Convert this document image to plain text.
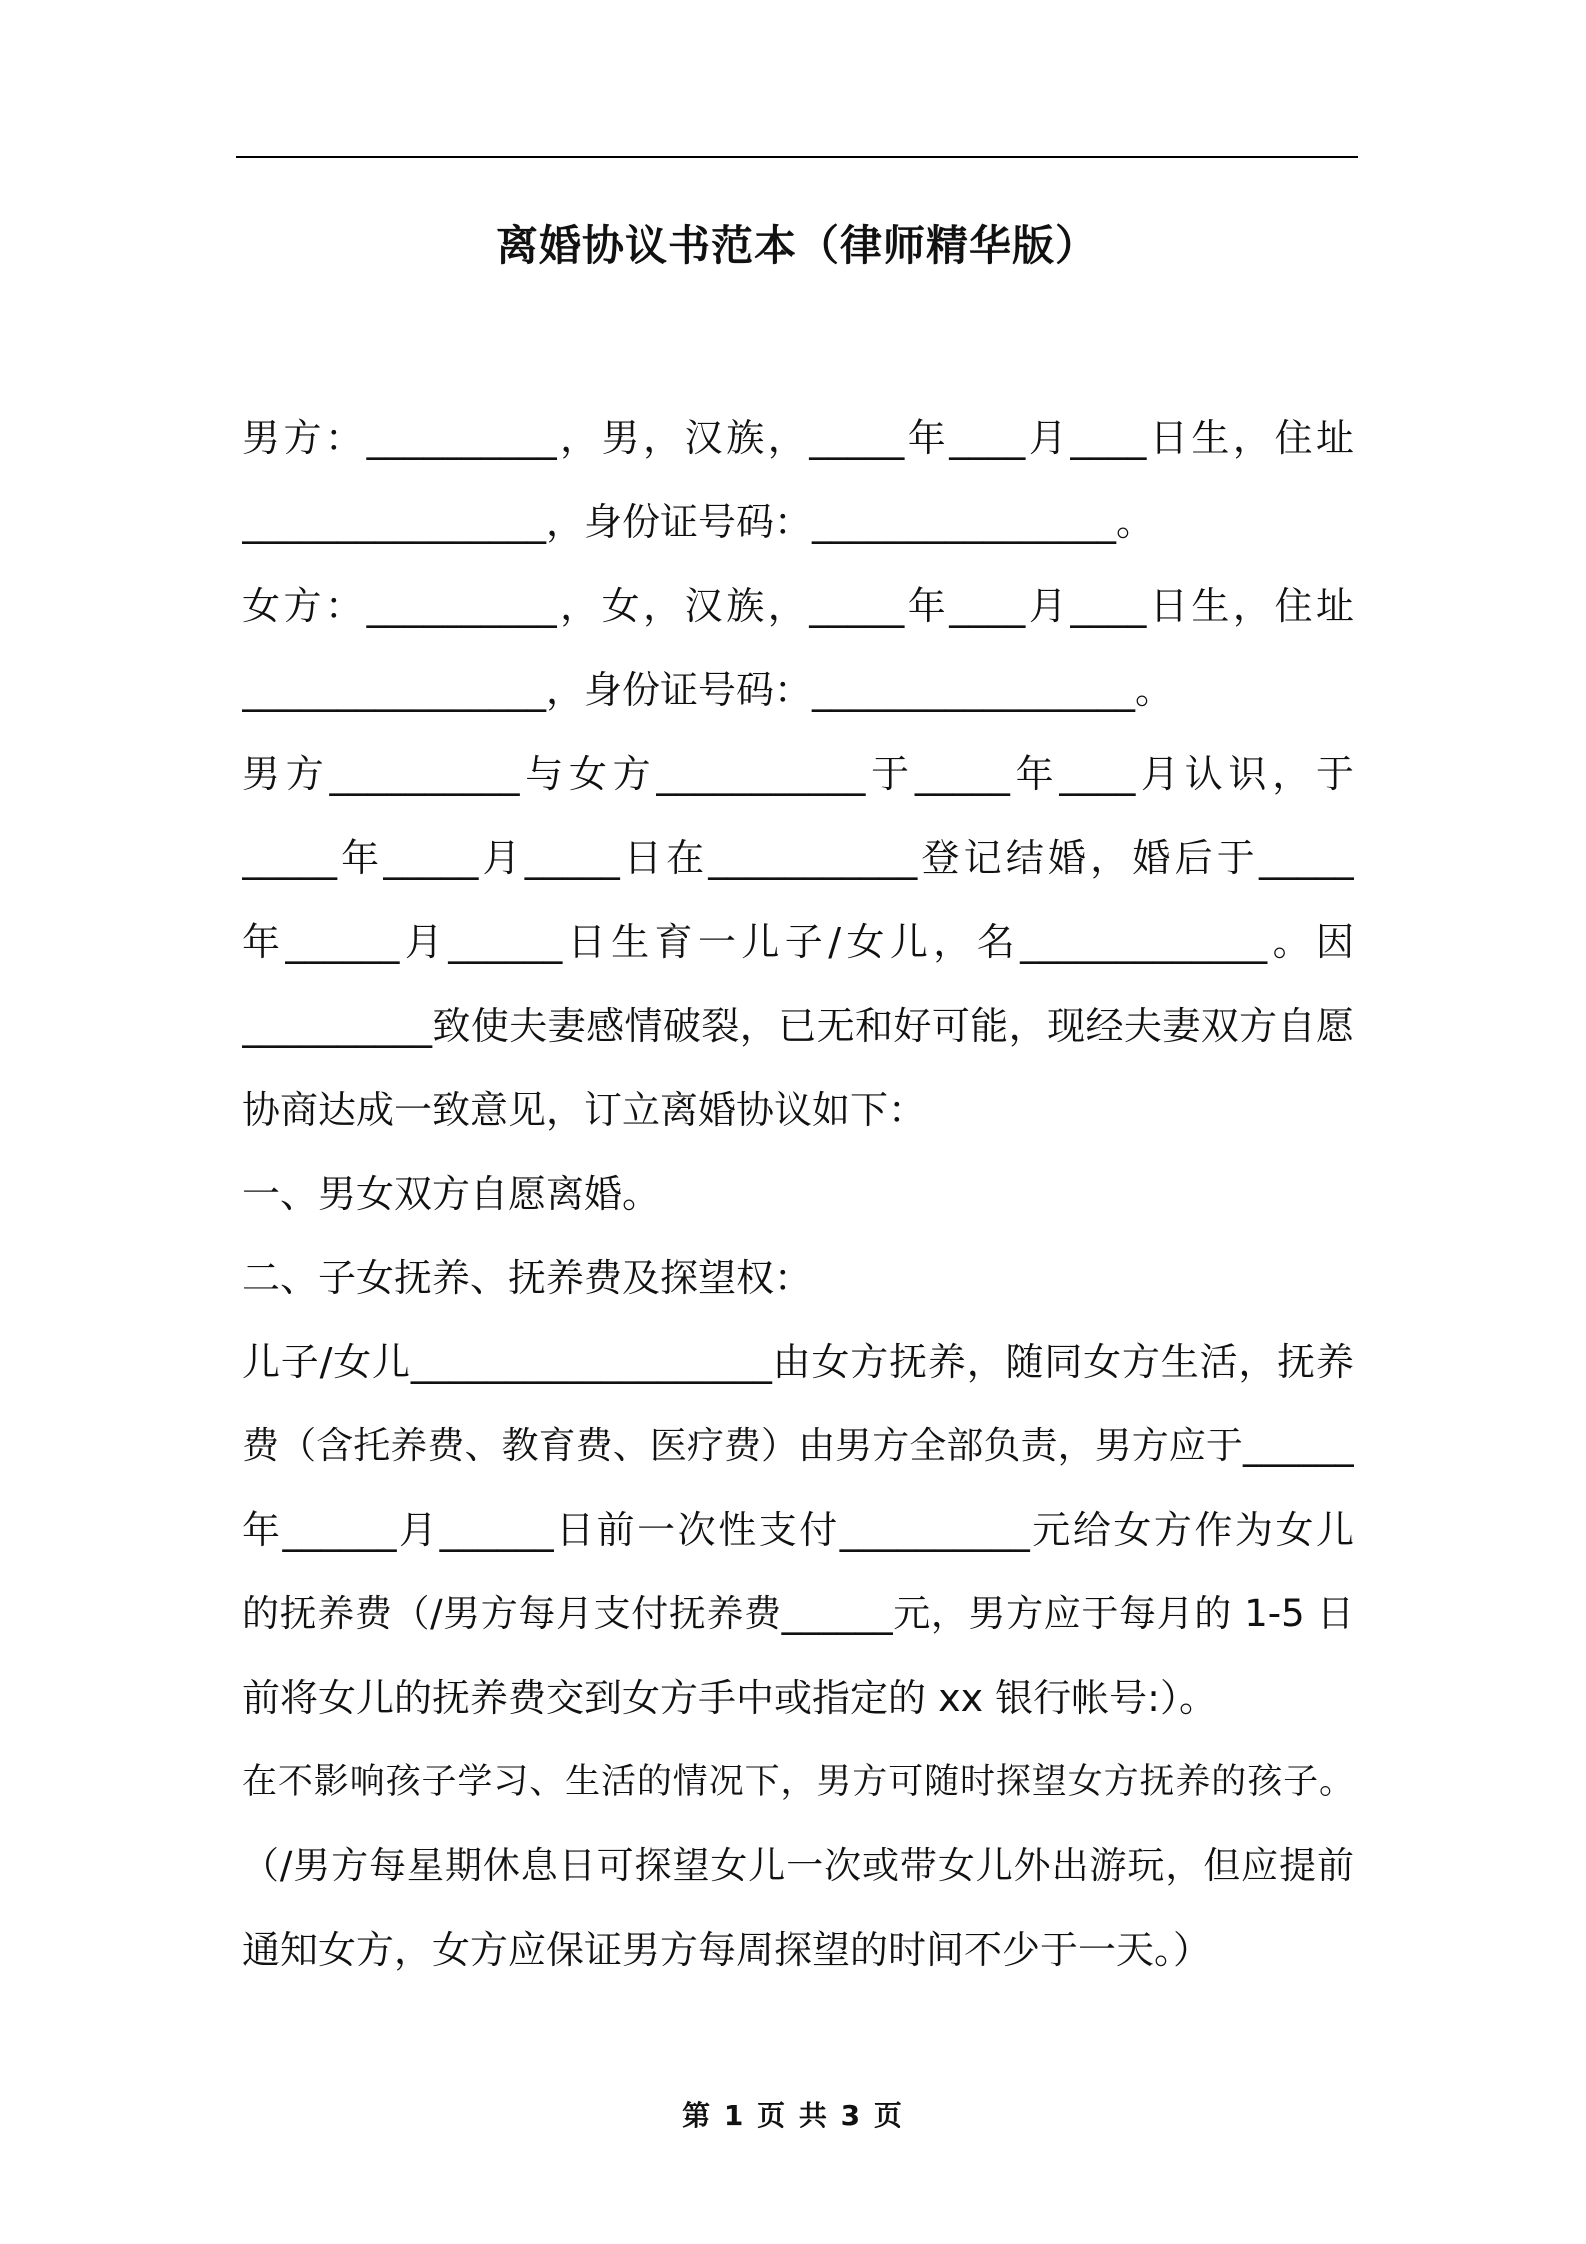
离婚协议书范本（律师精华版）
男方：__________，男，汉族，_____年____月____日生，住址
________________，身份证号码：________________。
女方：__________，女，汉族，_____年____月____日生，住址
________________，身份证号码：_________________。
男方__________与女方___________于_____年____月认识，于
_____年_____月_____日在___________登记结婚，婚后于_____
年______月______日生育一儿子/女儿，名_____________。因
__________致使夫妻感情破裂，已无和好可能，现经夫妻双方自愿
协商达成一致意见，订立离婚协议如下：
一、男女双方自愿离婚。
二、子女抚养、抚养费及探望权：
儿子/女儿___________________由女方抚养，随同女方生活，抚养
费（含托养费、教育费、医疗费）由男方全部负责，男方应于______
年______月______日前一次性支付__________元给女方作为女儿
的抚养费（/男方每月支付抚养费______元，男方应于每月的 1-5 日
前将女儿的抚养费交到女方手中或指定的 xx 银行帐号:）。
在不影响孩子学习、生活的情况下，男方可随时探望女方抚养的孩子。
（/男方每星期休息日可探望女儿一次或带女儿外出游玩，但应提前
通知女方，女方应保证男方每周探望的时间不少于一天。）
第 1 页 共 3 页
